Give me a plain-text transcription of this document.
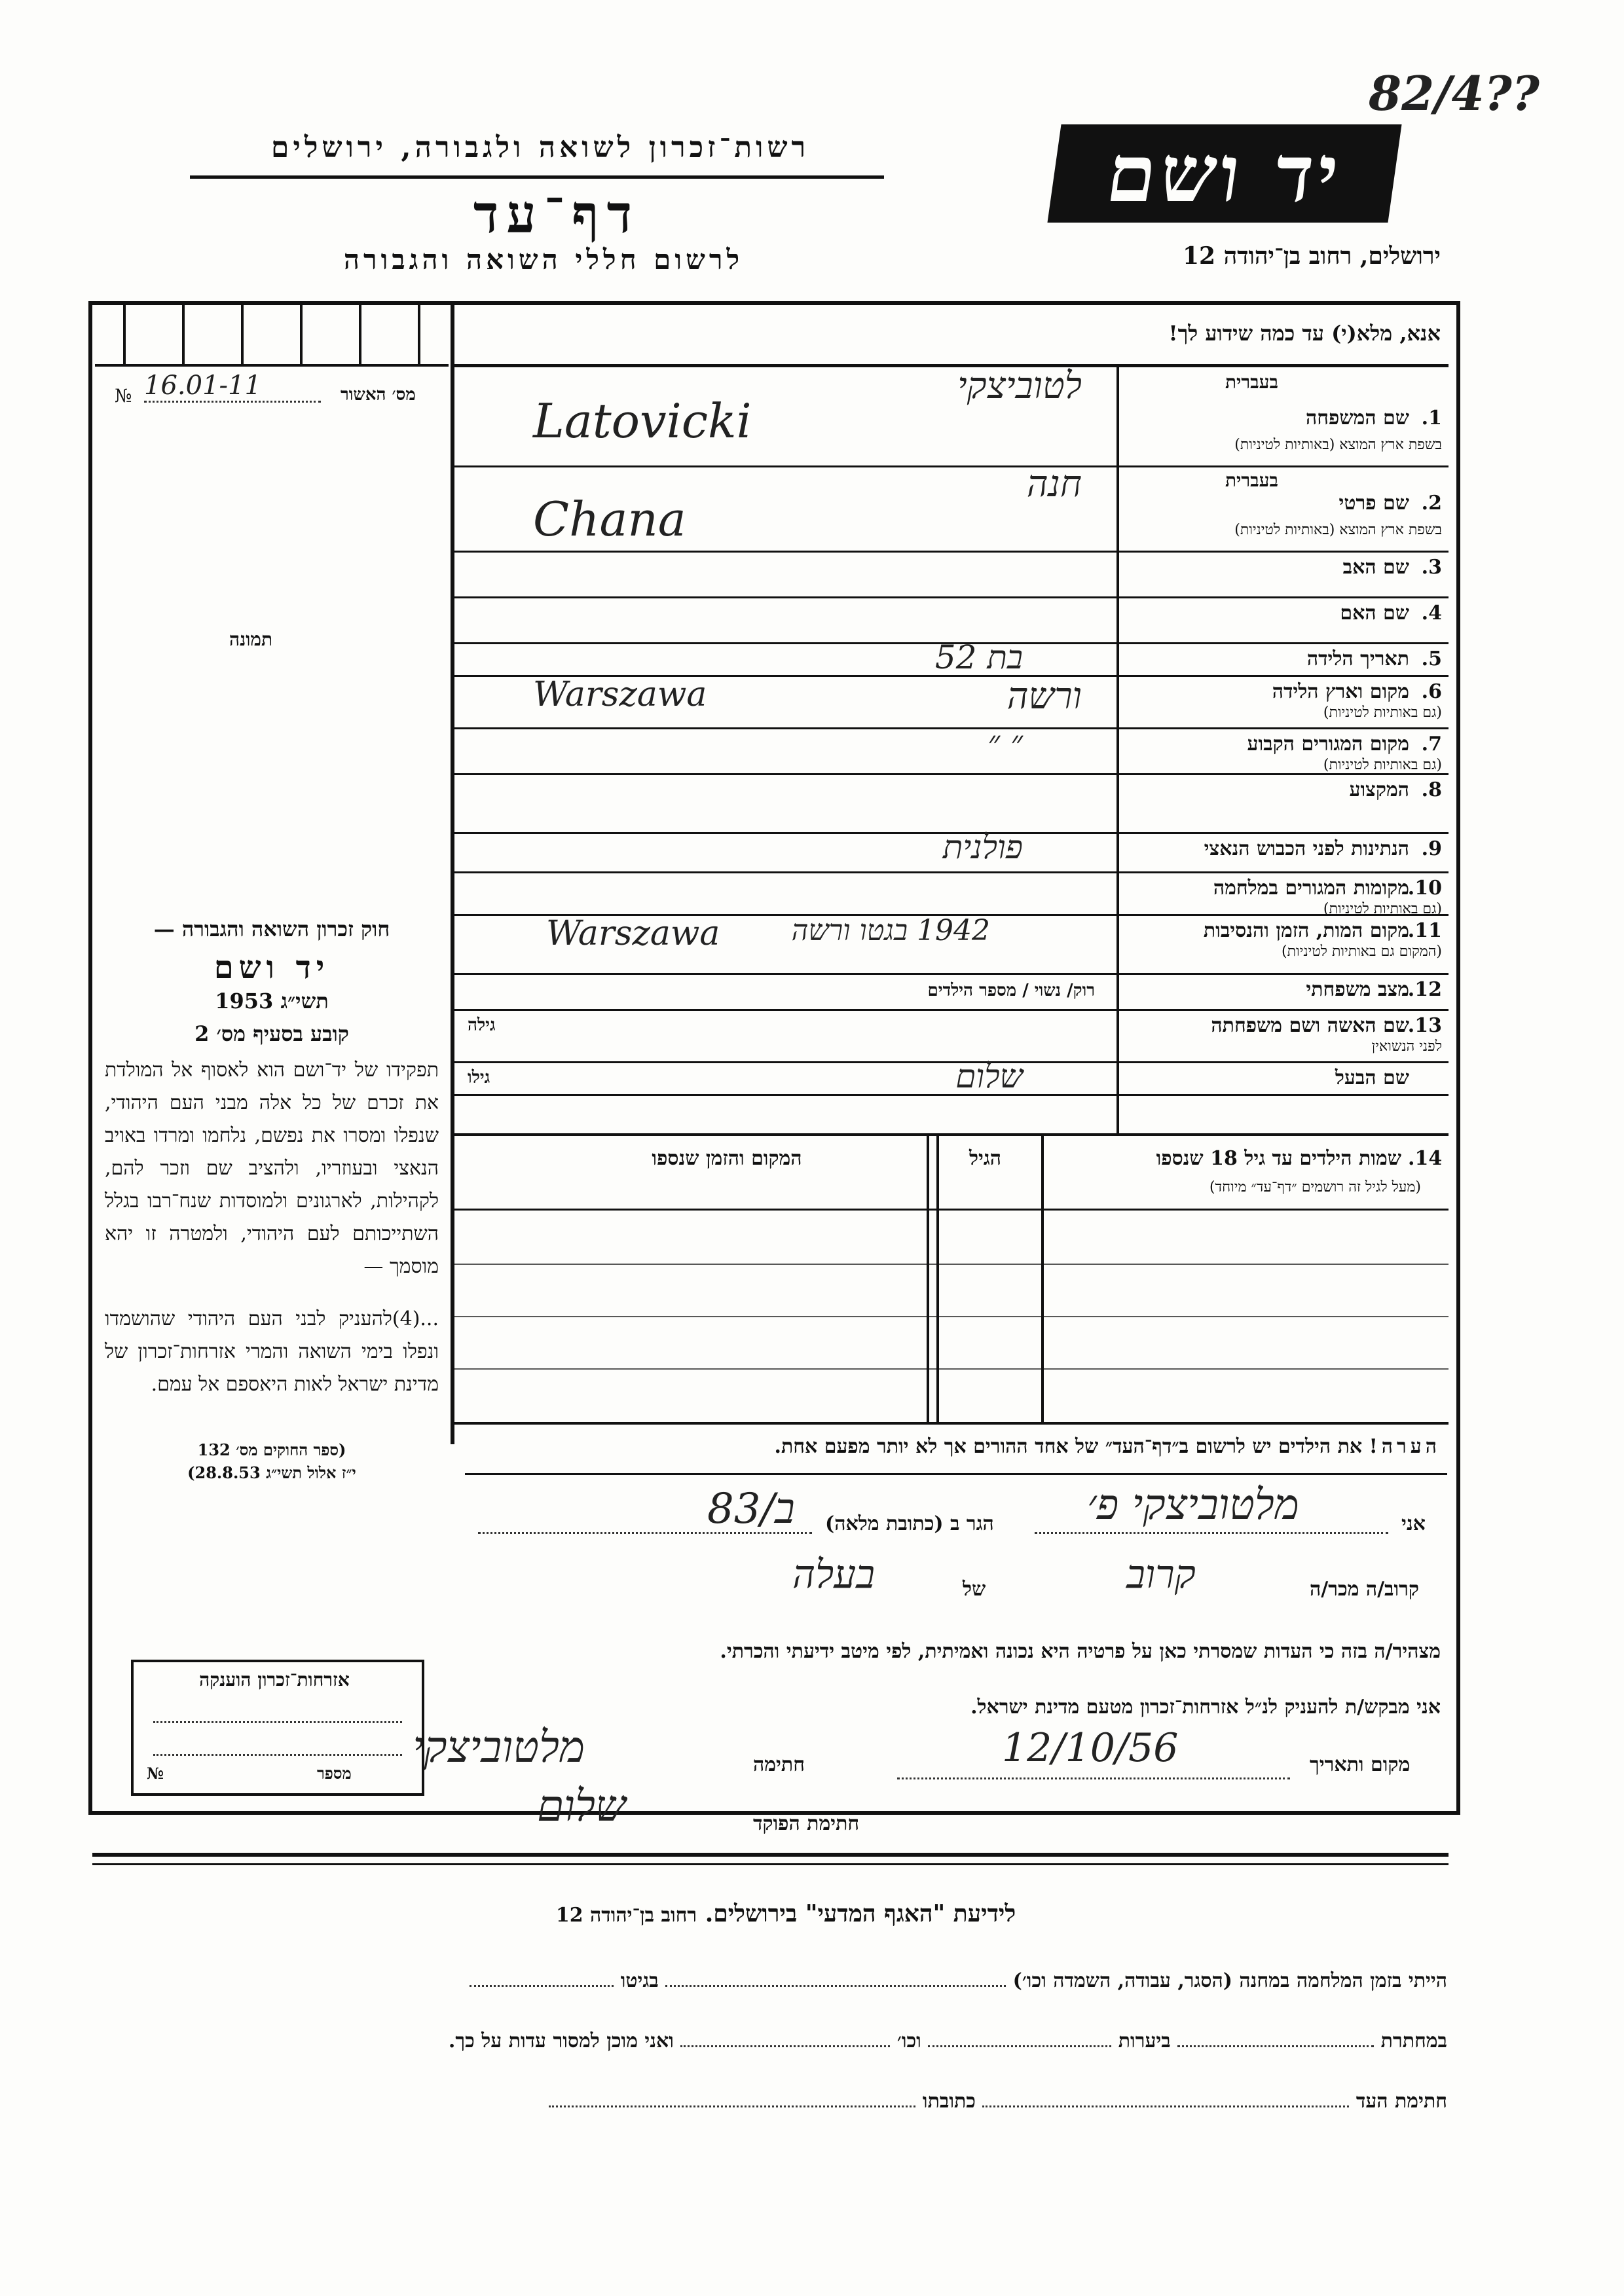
82/4??
רשות־זכרון לשואה ולגבורה, ירושלים
דף־עד
לרשום חללי השואה והגבורה
יד ושם
ירושלים, רחוב בן־יהודה 12
מס׳ האשור
№ 16.01-11
תמונה
חוק זכרון השואה והגבורה —
יד ושם
תשי״ג 1953
קובע בסעיף מס׳ 2
תפקידו של יד־ושם הוא לאסוף אל המולדת את זכרם של כל אלה מבני העם היהודי, שנפלו ומסרו את נפשם, נלחמו ומרדו באויב הנאצי ובעוזריו, ולהציב שם וזכר להם, לקהילות, לארגונים ולמוסדות שנח־רבו בגלל השתייכותם לעם היהודי, ולמטרה זו יהא מוסמך —
...(4)להעניק לבני העם היהודי שהושמדו ונפלו בימי השואה והמרי אזרחות־זכרון של מדינת ישראל לאות היאספם אל עמם.
(ספר החוקים מס׳ 132
י״ז אלול תשי״ג 28.8.53)
אנא, מלא(י) עד כמה שידוע לך!
1.
שם המשפחה
בעברית
בשפת ארץ המוצא (באותיות לטיניות)
לטוביצקי
Latovicki
2.
שם פרטי
בעברית
בשפת ארץ המוצא (באותיות לטיניות)
חנה
Chana
3.
שם האב
4.
שם האם
5.
תאריך הלידה
בת 52
6.
מקום וארץ הלידה
(גם באותיות לטיניות)
ורשה
Warszawa
7.
מקום המגורים הקבוע
(גם באותיות לטיניות)
״ ״
8.
המקצוע
9.
הנתינות לפני הכבוש הנאצי
פולנית
10.
מקומות המגורים במלחמה
(גם באותיות לטיניות)
11.
מקום המות, הזמן והנסיבות
(המקום גם באותיות לטיניות)
1942 בגטו ורשה
Warszawa
12.
מצב משפחתי
רוק/ נשוי / מספר הילדים
13.
שם האשה ושם משפחתה
לפני הנשואין
גילה
שם הבעל
גילו	שלום
14.
שמות הילדים עד גיל 18 שנספו
(מעל לגיל זה רושמים ״דף־עד״ מיוחד)
הגיל
המקום והזמן שנספו
הערה! את הילדים יש לרשום ב״דף־העד״ של אחד ההורים אך לא יותר מפעם אחת.
אני
מלטוביצקי פ׳
הגר ב (כתובת מלאה)
83/ב
קרוב/ה מכר/ה
קרוב
של
בעלה
מצהיר/ה בזה כי העדות שמסרתי כאן על פרטיה היא נכונה ואמיתית, לפי מיטב ידיעתי והכרתי.
אני מבקש/ת להעניק לנ״ל אזרחות־זכרון מטעם מדינת ישראל.
מקום ותאריך
12/10/56
חתימה
מלטוביצקי
חתימת הפוקד
שלום
אזרחות־זכרון הוענקה
מספר
№
לידיעת "האגף המדעי" בירושלים. רחוב בן־יהודה 12
הייתי בזמן המלחמה במחנה (הסגר, עבודה, השמדה וכו׳)  בגיטו
במחתרת  ביערות  וכו׳  ואני מוכן למסור עדות על כך.
חתימת העד  כתובתו
